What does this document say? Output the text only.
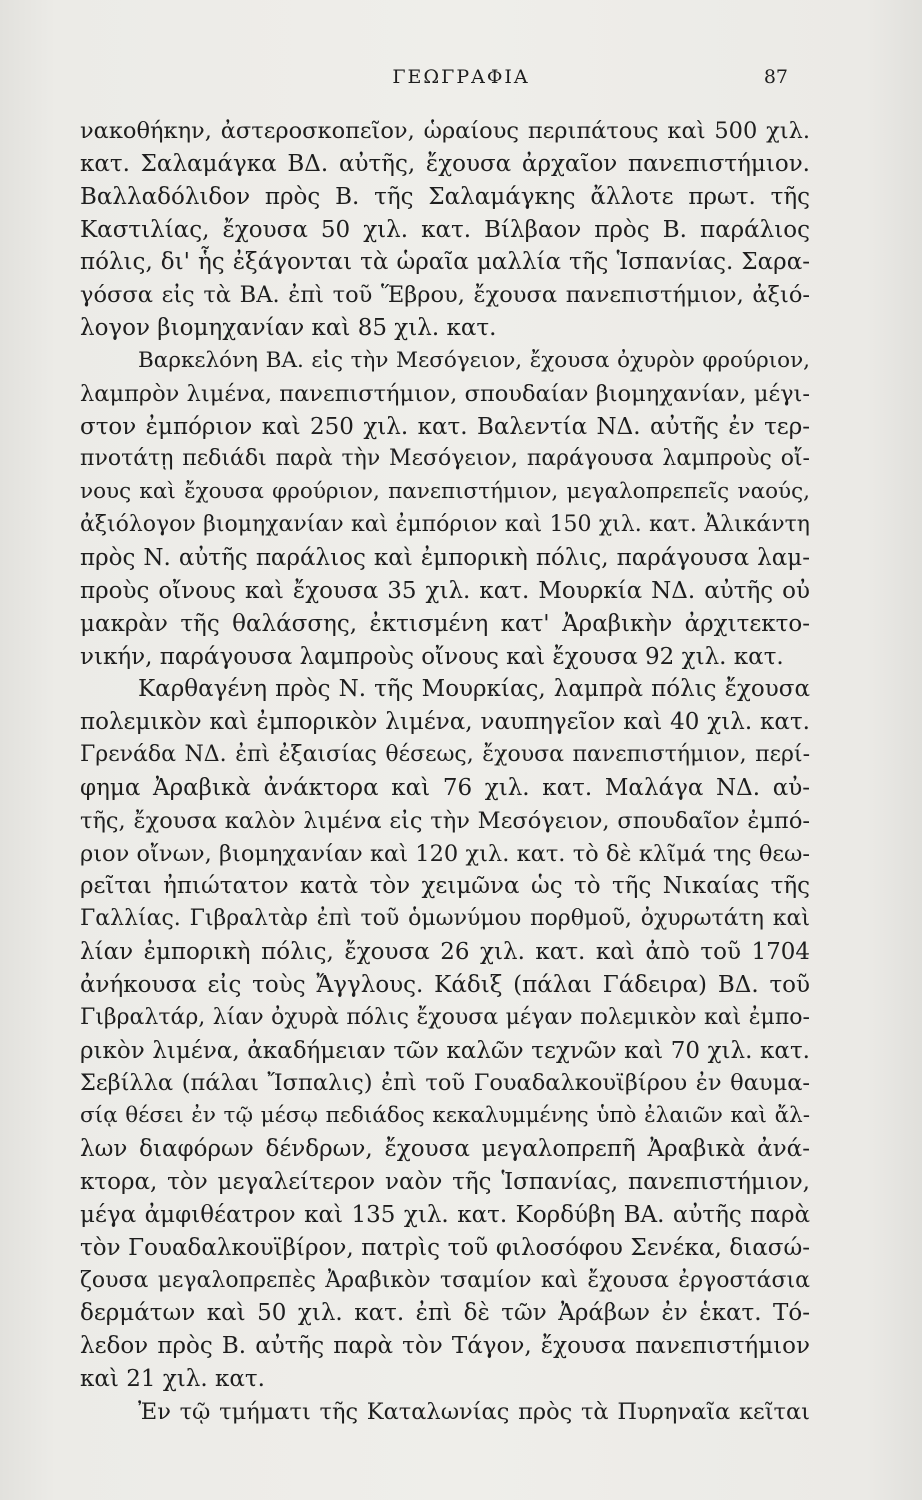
ΓΕΩΓΡΑΦΙΑ	87
νακοθήκην, ἀστεροσκοπεῖον, ὡραίους περιπάτους καὶ 500 χιλ.
κατ. Σαλαμάγκα ΒΔ. αὐτῆς, ἔχουσα ἀρχαῖον πανεπιστήμιον.
Βαλλαδόλιδον πρὸς Β. τῆς Σαλαμάγκης ἄλλοτε πρωτ. τῆς
Καστιλίας, ἔχουσα 50 χιλ. κατ. Βίλβαον πρὸς Β. παράλιος
πόλις, δι' ἧς ἐξάγονται τὰ ὡραῖα μαλλία τῆς Ἱσπανίας. Σαρα-
γόσσα εἰς τὰ ΒΑ. ἐπὶ τοῦ Ἕβρου, ἔχουσα πανεπιστήμιον, ἀξιό-
λογον βιομηχανίαν καὶ 85 χιλ. κατ.
Βαρκελόνη ΒΑ. εἰς τὴν Μεσόγειον, ἔχουσα ὀχυρὸν φρούριον,
λαμπρὸν λιμένα, πανεπιστήμιον, σπουδαίαν βιομηχανίαν, μέγι-
στον ἐμπόριον καὶ 250 χιλ. κατ. Βαλεντία ΝΔ. αὐτῆς ἐν τερ-
πνοτάτῃ πεδιάδι παρὰ τὴν Μεσόγειον, παράγουσα λαμπροὺς οἴ-
νους καὶ ἔχουσα φρούριον, πανεπιστήμιον, μεγαλοπρεπεῖς ναούς,
ἀξιόλογον βιομηχανίαν καὶ ἐμπόριον καὶ 150 χιλ. κατ. Ἀλικάντη
πρὸς Ν. αὐτῆς παράλιος καὶ ἐμπορικὴ πόλις, παράγουσα λαμ-
προὺς οἴνους καὶ ἔχουσα 35 χιλ. κατ. Μουρκία ΝΔ. αὐτῆς οὐ
μακρὰν τῆς θαλάσσης, ἐκτισμένη κατ' Ἀραβικὴν ἀρχιτεκτο-
νικήν, παράγουσα λαμπροὺς οἴνους καὶ ἔχουσα 92 χιλ. κατ.
Καρθαγένη πρὸς Ν. τῆς Μουρκίας, λαμπρὰ πόλις ἔχουσα
πολεμικὸν καὶ ἐμπορικὸν λιμένα, ναυπηγεῖον καὶ 40 χιλ. κατ.
Γρενάδα ΝΔ. ἐπὶ ἐξαισίας θέσεως, ἔχουσα πανεπιστήμιον, περί-
φημα Ἀραβικὰ ἀνάκτορα καὶ 76 χιλ. κατ. Μαλάγα ΝΔ. αὐ-
τῆς, ἔχουσα καλὸν λιμένα εἰς τὴν Μεσόγειον, σπουδαῖον ἐμπό-
ριον οἴνων, βιομηχανίαν καὶ 120 χιλ. κατ. τὸ δὲ κλῖμά της θεω-
ρεῖται ἠπιώτατον κατὰ τὸν χειμῶνα ὡς τὸ τῆς Νικαίας τῆς
Γαλλίας. Γιβραλτὰρ ἐπὶ τοῦ ὁμωνύμου πορθμοῦ, ὀχυρωτάτη καὶ
λίαν ἐμπορικὴ πόλις, ἔχουσα 26 χιλ. κατ. καὶ ἀπὸ τοῦ 1704
ἀνήκουσα εἰς τοὺς Ἄγγλους. Κάδιξ (πάλαι Γάδειρα) ΒΔ. τοῦ
Γιβραλτάρ, λίαν ὀχυρὰ πόλις ἔχουσα μέγαν πολεμικὸν καὶ ἐμπο-
ρικὸν λιμένα, ἀκαδήμειαν τῶν καλῶν τεχνῶν καὶ 70 χιλ. κατ.
Σεβίλλα (πάλαι Ἴσπαλις) ἐπὶ τοῦ Γουαδαλκουϊβίρου ἐν θαυμα-
σίᾳ θέσει ἐν τῷ μέσῳ πεδιάδος κεκαλυμμένης ὑπὸ ἐλαιῶν καὶ ἄλ-
λων διαφόρων δένδρων, ἔχουσα μεγαλοπρεπῆ Ἀραβικὰ ἀνά-
κτορα, τὸν μεγαλείτερον ναὸν τῆς Ἱσπανίας, πανεπιστήμιον,
μέγα ἀμφιθέατρον καὶ 135 χιλ. κατ. Κορδύβη ΒΑ. αὐτῆς παρὰ
τὸν Γουαδαλκουϊβίρον, πατρὶς τοῦ φιλοσόφου Σενέκα, διασώ-
ζουσα μεγαλοπρεπὲς Ἀραβικὸν τσαμίον καὶ ἔχουσα ἐργοστάσια
δερμάτων καὶ 50 χιλ. κατ. ἐπὶ δὲ τῶν Ἀράβων ἐν ἑκατ. Τό-
λεδον πρὸς Β. αὐτῆς παρὰ τὸν Τάγον, ἔχουσα πανεπιστήμιον
καὶ 21 χιλ. κατ.
Ἐν τῷ τμήματι τῆς Καταλωνίας πρὸς τὰ Πυρηναῖα κεῖται
